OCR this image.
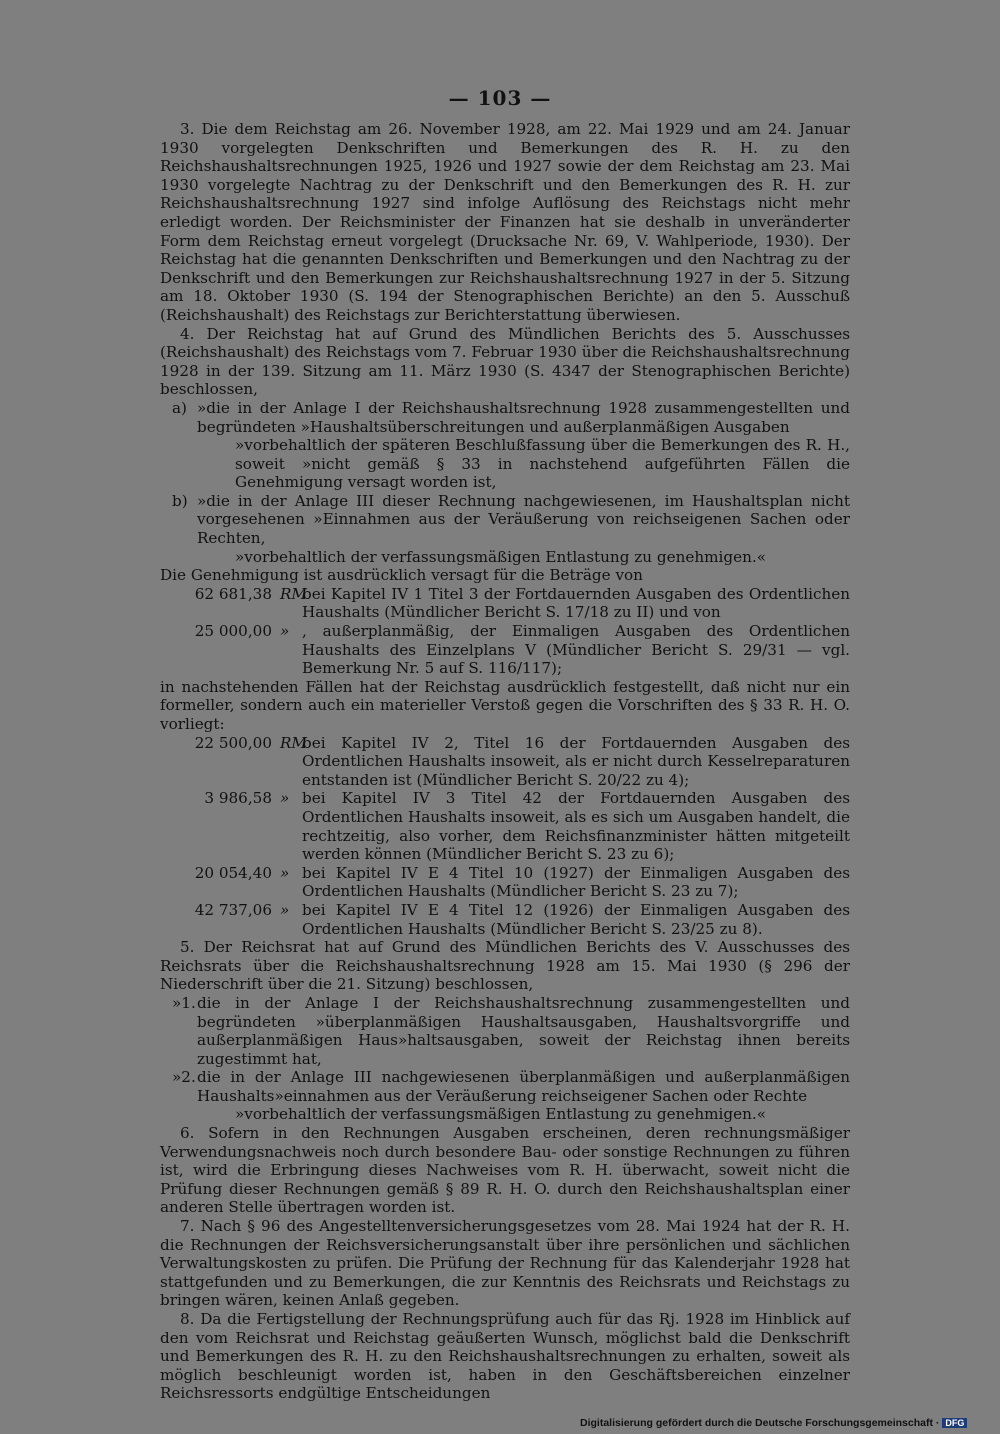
— 103 —

3. Die dem Reichstag am 26. November 1928, am 22. Mai 1929 und am 24. Januar 1930 vorgelegten Denkschriften und Bemerkungen des R. H. zu den Reichshaushaltsrechnungen 1925, 1926 und 1927 sowie der dem Reichstag am 23. Mai 1930 vorgelegte Nachtrag zu der Denkschrift und den Bemerkungen des R. H. zur Reichshaushaltsrechnung 1927 sind infolge Auflösung des Reichstags nicht mehr erledigt worden. Der Reichsminister der Finanzen hat sie deshalb in unveränderter Form dem Reichstag erneut vorgelegt (Drucksache Nr. 69, V. Wahlperiode, 1930). Der Reichstag hat die genannten Denkschriften und Bemerkungen und den Nachtrag zu der Denkschrift und den Bemerkungen zur Reichshaushaltsrechnung 1927 in der 5. Sitzung am 18. Oktober 1930 (S. 194 der Stenographischen Berichte) an den 5. Ausschuß (Reichshaushalt) des Reichstags zur Berichterstattung überwiesen.

4. Der Reichstag hat auf Grund des Mündlichen Berichts des 5. Ausschusses (Reichshaushalt) des Reichstags vom 7. Februar 1930 über die Reichshaushaltsrechnung 1928 in der 139. Sitzung am 11. März 1930 (S. 4347 der Stenographischen Berichte) beschlossen,

a) »die in der Anlage I der Reichshaushaltsrechnung 1928 zusammengestellten und begründeten »Haushaltsüberschreitungen und außerplanmäßigen Ausgaben

»vorbehaltlich der späteren Beschlußfassung über die Bemerkungen des R. H., soweit »nicht gemäß § 33 in nachstehend aufgeführten Fällen die Genehmigung versagt worden ist,

b) »die in der Anlage III dieser Rechnung nachgewiesenen, im Haushaltsplan nicht vorgesehenen »Einnahmen aus der Veräußerung von reichseigenen Sachen oder Rechten,

»vorbehaltlich der verfassungsmäßigen Entlastung zu genehmigen.«

Die Genehmigung ist ausdrücklich versagt für die Beträge von

62 681,38 RM
bei Kapitel IV 1 Titel 3 der Fortdauernden Ausgaben des Ordentlichen Haushalts (Mündlicher Bericht S. 17/18 zu II) und von
25 000,00 » , außerplanmäßig, der Einmaligen Ausgaben des Ordentlichen Haushalts des Einzelplans V (Mündlicher Bericht S. 29/31 — vgl. Bemerkung Nr. 5 auf S. 116/117);

in nachstehenden Fällen hat der Reichstag ausdrücklich festgestellt, daß nicht nur ein formeller, sondern auch ein materieller Verstoß gegen die Vorschriften des § 33 R. H. O. vorliegt:

22 500,00 RM
bei Kapitel IV 2, Titel 16 der Fortdauernden Ausgaben des Ordentlichen Haushalts insoweit, als er nicht durch Kesselreparaturen entstanden ist (Mündlicher Bericht S. 20/22 zu 4);
3 986,58 » bei Kapitel IV 3 Titel 42 der Fortdauernden Ausgaben des Ordentlichen Haushalts insoweit, als es sich um Ausgaben handelt, die rechtzeitig, also vorher, dem Reichsfinanzminister hätten mitgeteilt werden können (Mündlicher Bericht S. 23 zu 6);
20 054,40 » bei Kapitel IV E 4 Titel 10 (1927) der Einmaligen Ausgaben des Ordentlichen Haushalts (Mündlicher Bericht S. 23 zu 7);
42 737,06 » bei Kapitel IV E 4 Titel 12 (1926) der Einmaligen Ausgaben des Ordentlichen Haushalts (Mündlicher Bericht S. 23/25 zu 8).

5. Der Reichsrat hat auf Grund des Mündlichen Berichts des V. Ausschusses des Reichsrats über die Reichshaushaltsrechnung 1928 am 15. Mai 1930 (§ 296 der Niederschrift über die 21. Sitzung) beschlossen,

»1. die in der Anlage I der Reichshaushaltsrechnung zusammengestellten und begründeten »überplanmäßigen Haushaltsausgaben, Haushaltsvorgriffe und außerplanmäßigen Haus»haltsausgaben, soweit der Reichstag ihnen bereits zugestimmt hat,

»2. die in der Anlage III nachgewiesenen überplanmäßigen und außerplanmäßigen Haushalts»einnahmen aus der Veräußerung reichseigener Sachen oder Rechte

»vorbehaltlich der verfassungsmäßigen Entlastung zu genehmigen.«

6. Sofern in den Rechnungen Ausgaben erscheinen, deren rechnungsmäßiger Verwendungsnachweis noch durch besondere Bau- oder sonstige Rechnungen zu führen ist, wird die Erbringung dieses Nachweises vom R. H. überwacht, soweit nicht die Prüfung dieser Rechnungen gemäß § 89 R. H. O. durch den Reichshaushaltsplan einer anderen Stelle übertragen worden ist.

7. Nach § 96 des Angestelltenversicherungsgesetzes vom 28. Mai 1924 hat der R. H. die Rechnungen der Reichsversicherungsanstalt über ihre persönlichen und sächlichen Verwaltungskosten zu prüfen. Die Prüfung der Rechnung für das Kalenderjahr 1928 hat stattgefunden und zu Bemerkungen, die zur Kenntnis des Reichsrats und Reichstags zu bringen wären, keinen Anlaß gegeben.

8. Da die Fertigstellung der Rechnungsprüfung auch für das Rj. 1928 im Hinblick auf den vom Reichsrat und Reichstag geäußerten Wunsch, möglichst bald die Denkschrift und Bemerkungen des R. H. zu den Reichshaushaltsrechnungen zu erhalten, soweit als möglich beschleunigt worden ist, haben in den Geschäftsbereichen einzelner Reichsressorts endgültige Entscheidungen

Digitalisierung gefördert durch die Deutsche Forschungsgemeinschaft · DFG
